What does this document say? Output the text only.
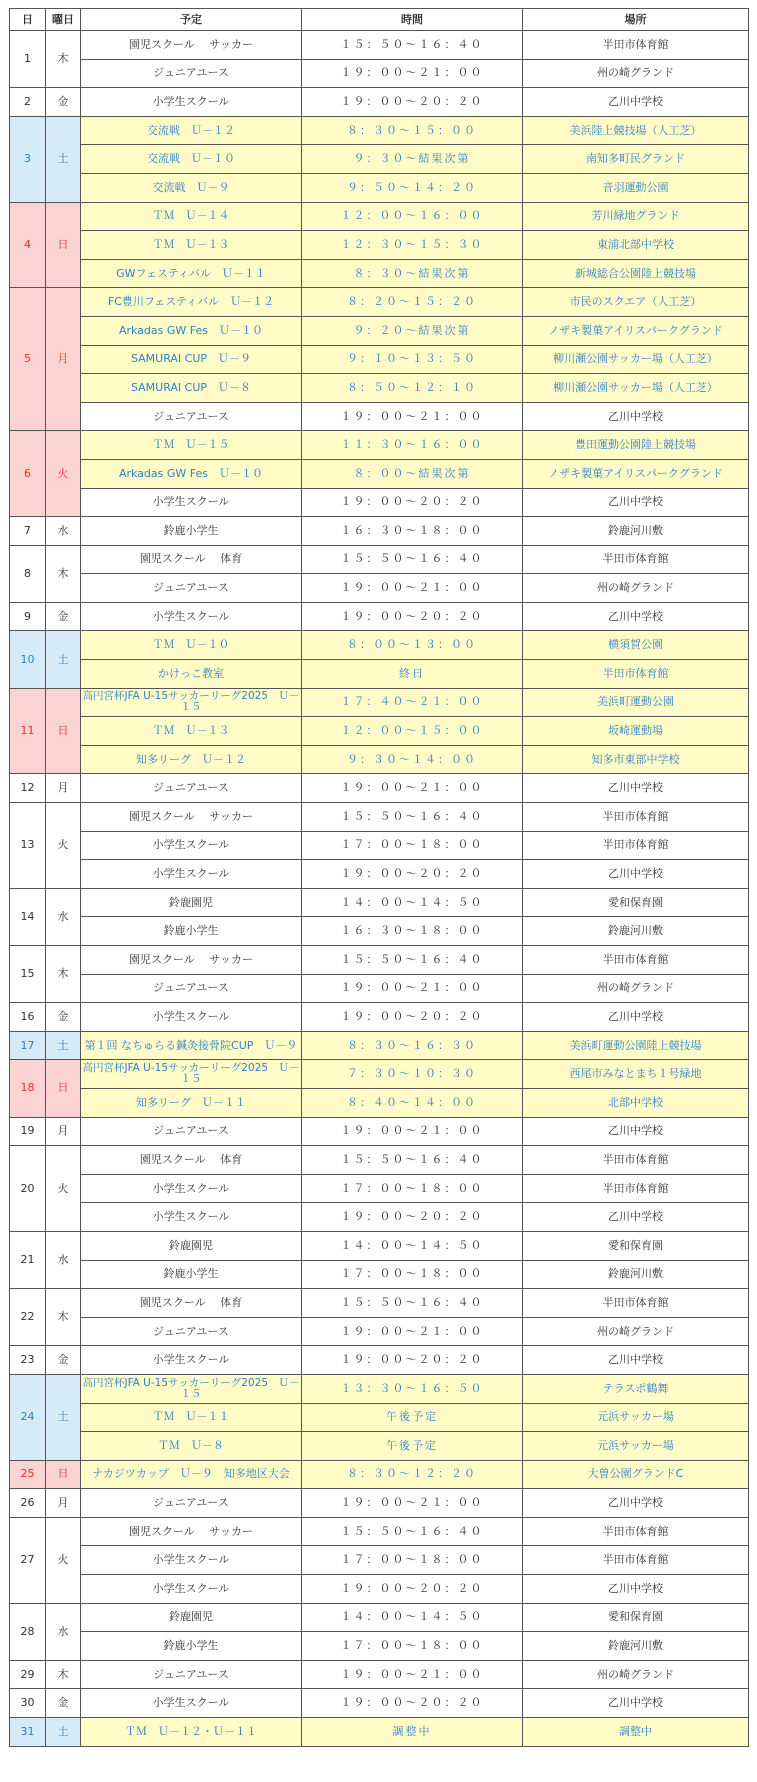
日	曜日	予定	時間	場所
1	木	園児スクール　 サッカー	１５：５０〜１６：４０	半田市体育館
		ジュニアユース	１９：００〜２１：００	州の崎グランド
2	金	小学生スクール	１９：００〜２０：２０	乙川中学校
3	土	交流戦　Ｕ－１２	８：３０〜１５：００	美浜陸上競技場（人工芝）
		交流戦　Ｕ－１０	９：３０〜結果次第	南知多町民グランド
		交流戦　Ｕ－９	９：５０〜１４：２０	音羽運動公園
4	日	ＴＭ　Ｕ－１４	１２：００〜１６：００	芳川緑地グランド
		ＴＭ　Ｕ－１３	１２：３０〜１５：３０	東浦北部中学校
		GWフェスティバル　Ｕ－１１	８：３０〜結果次第	新城総合公園陸上競技場
5	月	FC豊川フェスティバル　Ｕ－１２	８：２０〜１５：２０	市民のスクエア（人工芝）
		Arkadas GW Fes　Ｕ－１０	９：２０〜結果次第	ノザキ製菓アイリスパークグランド
		SAMURAI CUP　Ｕ－９	９：１０〜１３：５０	柳川瀬公園サッカー場（人工芝）
		SAMURAI CUP　Ｕ－８	８：５０〜１２：１０	柳川瀬公園サッカー場（人工芝）
		ジュニアユース	１９：００〜２１：００	乙川中学校
6	火	ＴＭ　Ｕ－１５	１１：３０〜１６：００	豊田運動公園陸上競技場
		Arkadas GW Fes　Ｕ－１０	８：００〜結果次第	ノザキ製菓アイリスパークグランド
		小学生スクール	１９：００〜２０：２０	乙川中学校
7	水	鈴鹿小学生	１６：３０〜１８：００	鈴鹿河川敷
8	木	園児スクール　 体育	１５：５０〜１６：４０	半田市体育館
		ジュニアユース	１９：００〜２１：００	州の崎グランド
9	金	小学生スクール	１９：００〜２０：２０	乙川中学校
10	土	ＴＭ　Ｕ－１０	８：００〜１３：００	横須賀公園
		かけっこ教室	終日	半田市体育館
11	日	高円宮杯JFA U-15サッカーリーグ2025　Ｕ－１５	１７：４０〜２１：００	美浜町運動公園
		ＴＭ　Ｕ－１３	１２：００〜１５：００	坂崎運動場
		知多リーグ　Ｕ－１２	９：３０〜１４：００	知多市東部中学校
12	月	ジュニアユース	１９：００〜２１：００	乙川中学校
13	火	園児スクール　 サッカー	１５：５０〜１６：４０	半田市体育館
		小学生スクール	１７：００〜１８：００	半田市体育館
		小学生スクール	１９：００〜２０：２０	乙川中学校
14	水	鈴鹿園児	１４：００〜１４：５０	愛和保育園
		鈴鹿小学生	１６：３０〜１８：００	鈴鹿河川敷
15	木	園児スクール　 サッカー	１５：５０〜１６：４０	半田市体育館
		ジュニアユース	１９：００〜２１：００	州の崎グランド
16	金	小学生スクール	１９：００〜２０：２０	乙川中学校
17	土	第１回 なちゅらる鍼灸接骨院CUP　Ｕ－９	８：３０〜１６：３０	美浜町運動公園陸上競技場
18	日	高円宮杯JFA U-15サッカーリーグ2025　Ｕ－１５	７：３０〜１０：３０	西尾市みなとまち１号緑地
		知多リーグ　Ｕ－１１	８：４０〜１４：００	北部中学校
19	月	ジュニアユース	１９：００〜２１：００	乙川中学校
20	火	園児スクール　 体育	１５：５０〜１６：４０	半田市体育館
		小学生スクール	１７：００〜１８：００	半田市体育館
		小学生スクール	１９：００〜２０：２０	乙川中学校
21	水	鈴鹿園児	１４：００〜１４：５０	愛和保育園
		鈴鹿小学生	１７：００〜１８：００	鈴鹿河川敷
22	木	園児スクール　 体育	１５：５０〜１６：４０	半田市体育館
		ジュニアユース	１９：００〜２１：００	州の崎グランド
23	金	小学生スクール	１９：００〜２０：２０	乙川中学校
24	土	高円宮杯JFA U-15サッカーリーグ2025　Ｕ－１５	１３：３０〜１６：５０	テラスポ鶴舞
		ＴＭ　Ｕ－１１	午後予定	元浜サッカー場
		ＴＭ　Ｕ－８	午後予定	元浜サッカー場
25	日	ナカジツカップ　Ｕ－９　知多地区大会	８：３０〜１２：２０	大曽公園グランドC
26	月	ジュニアユース	１９：００〜２１：００	乙川中学校
27	火	園児スクール　 サッカー	１５：５０〜１６：４０	半田市体育館
		小学生スクール	１７：００〜１８：００	半田市体育館
		小学生スクール	１９：００〜２０：２０	乙川中学校
28	水	鈴鹿園児	１４：００〜１４：５０	愛和保育園
		鈴鹿小学生	１７：００〜１８：００	鈴鹿河川敷
29	木	ジュニアユース	１９：００〜２１：００	州の崎グランド
30	金	小学生スクール	１９：００〜２０：２０	乙川中学校
31	土	ＴＭ　Ｕ－１２・Ｕ－１１	調整中	調整中
